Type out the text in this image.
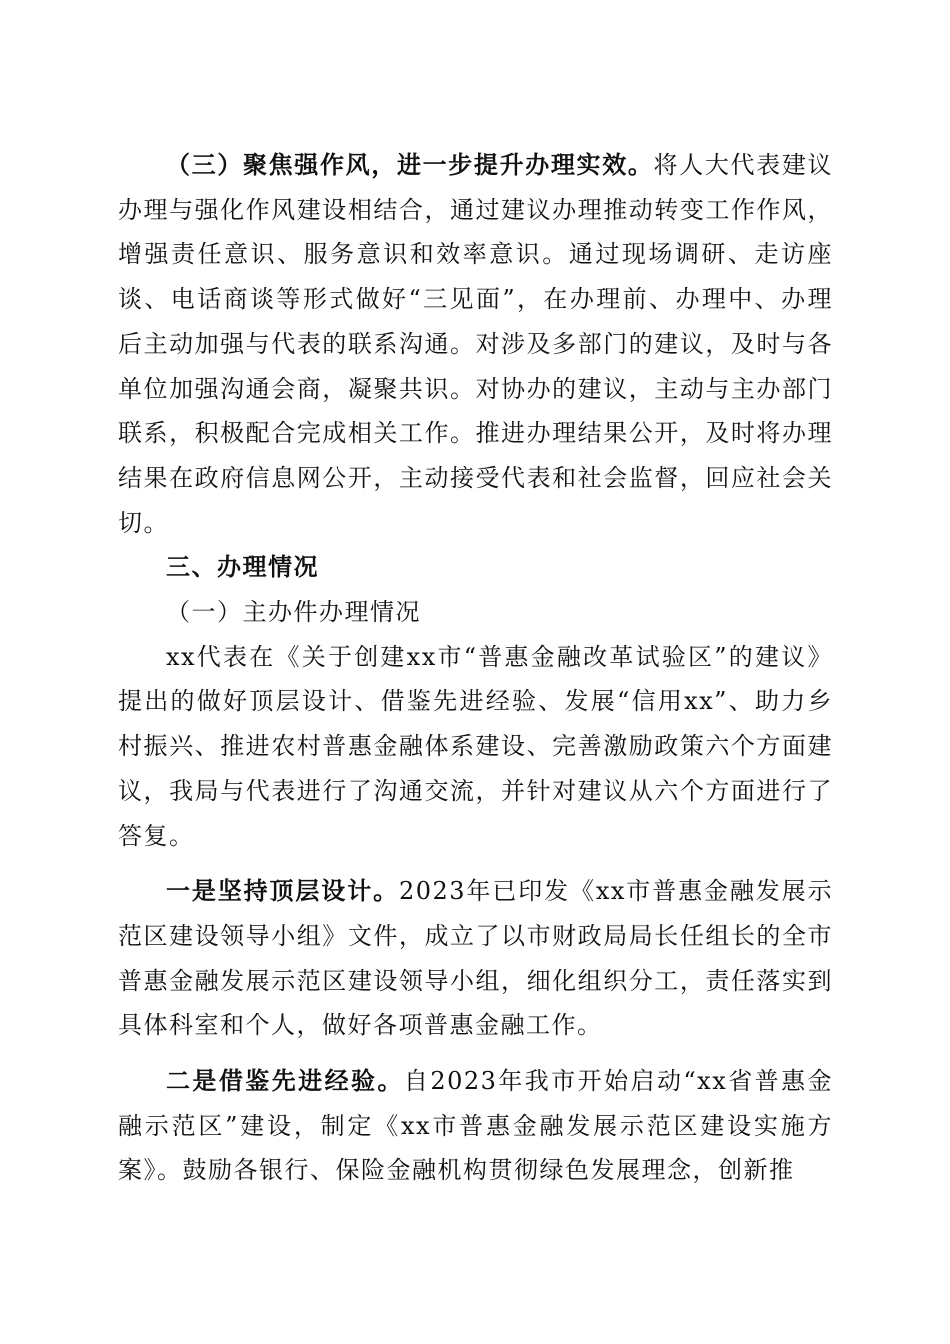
（三）聚焦强作风，进一步提升办理实效。将人大代表建议办理与强化作风建设相结合，通过建议办理推动转变工作作风，增强责任意识、服务意识和效率意识。通过现场调研、走访座谈、电话商谈等形式做好“三见面”，在办理前、办理中、办理后主动加强与代表的联系沟通。对涉及多部门的建议，及时与各单位加强沟通会商，凝聚共识。对协办的建议，主动与主办部门联系，积极配合完成相关工作。推进办理结果公开，及时将办理结果在政府信息网公开，主动接受代表和社会监督，回应社会关切。

三、办理情况

（一）主办件办理情况

xx代表在《关于创建xx市“普惠金融改革试验区”的建议》提出的做好顶层设计、借鉴先进经验、发展“信用xx”、助力乡村振兴、推进农村普惠金融体系建设、完善激励政策六个方面建议，我局与代表进行了沟通交流，并针对建议从六个方面进行了答复。

一是坚持顶层设计。2023年已印发《xx市普惠金融发展示范区建设领导小组》文件，成立了以市财政局局长任组长的全市普惠金融发展示范区建设领导小组，细化组织分工，责任落实到具体科室和个人，做好各项普惠金融工作。

二是借鉴先进经验。自2023年我市开始启动“xx省普惠金融示范区”建设，制定《xx市普惠金融发展示范区建设实施方案》。鼓励各银行、保险金融机构贯彻绿色发展理念，创新推
